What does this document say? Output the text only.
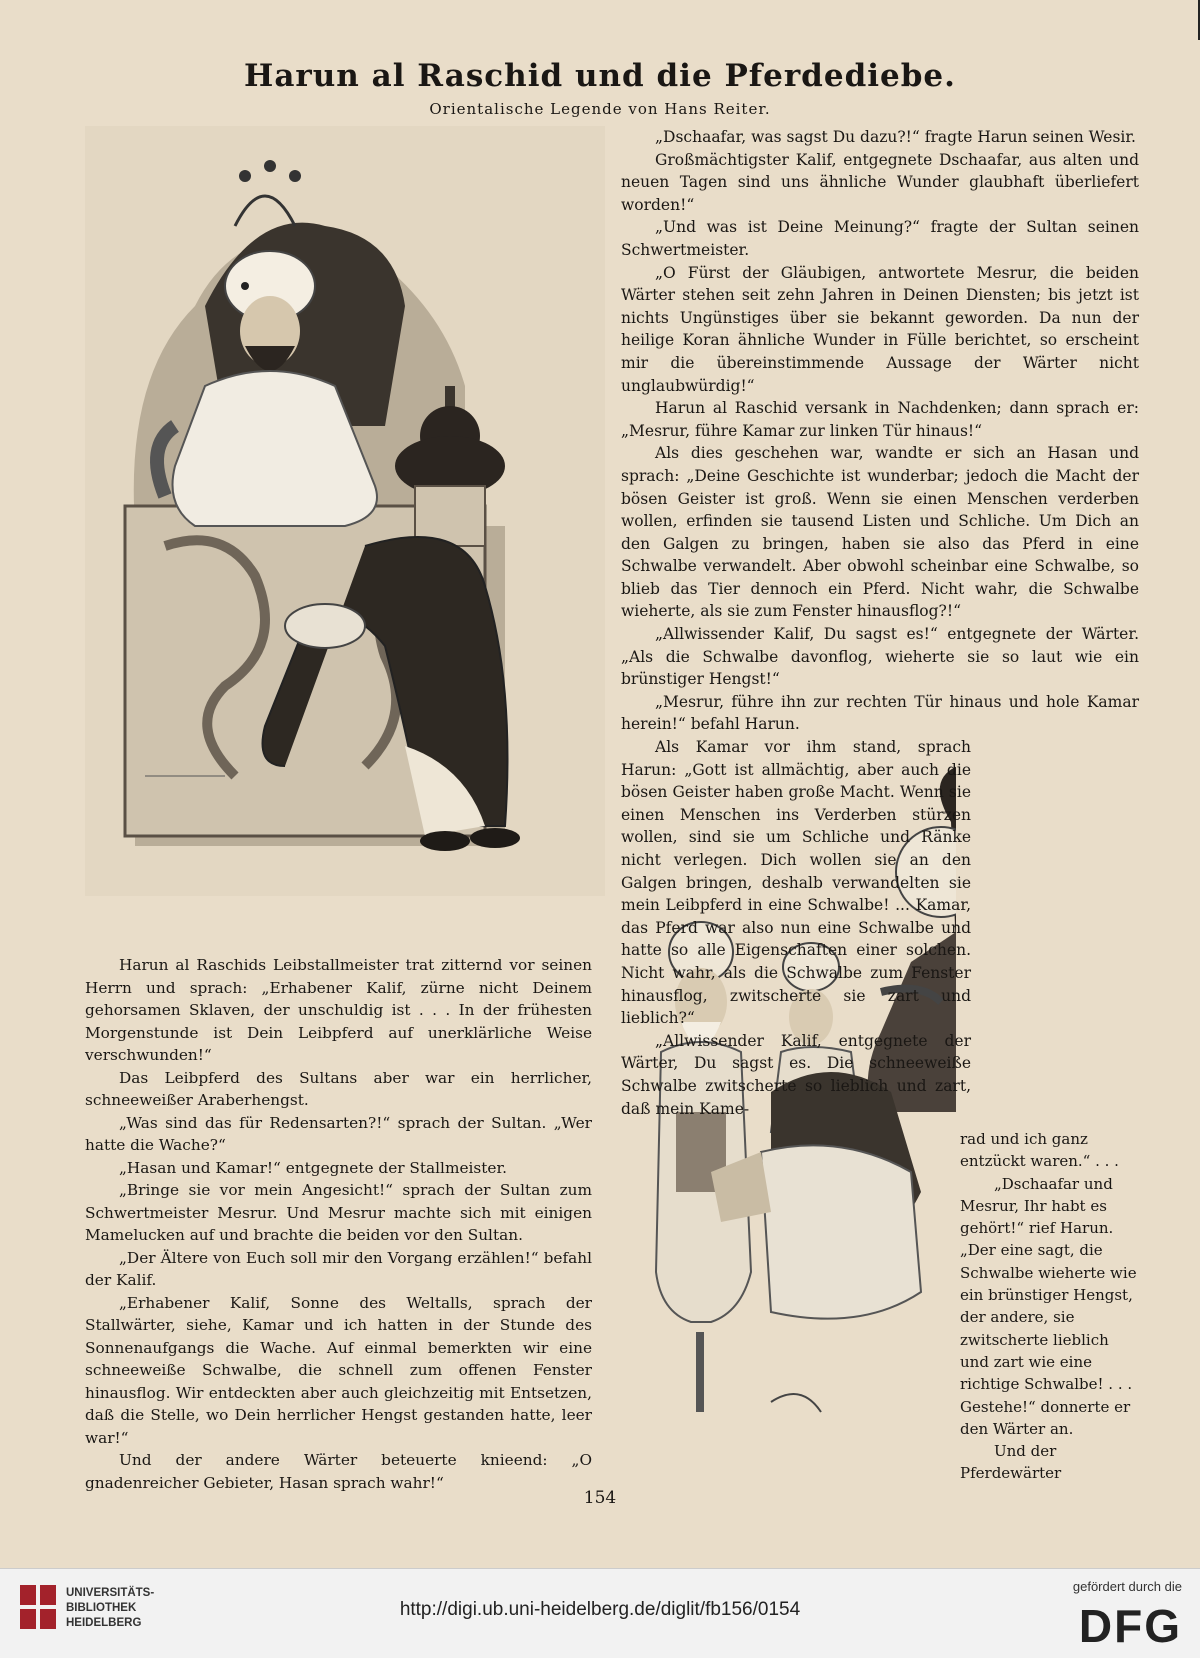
Harun al Raschid und die Pferdediebe.
Orientalische Legende von Hans Reiter.

„Dschaafar, was sagst Du dazu?!“ fragte Harun seinen Wesir.

Großmächtigster Kalif, entgegnete Dschaafar, aus alten und neuen Tagen sind uns ähnliche Wunder glaubhaft überliefert worden!“

„Und was ist Deine Meinung?“ fragte der Sultan seinen Schwertmeister.

„O Fürst der Gläubigen, antwortete Mesrur, die beiden Wärter stehen seit zehn Jahren in Deinen Diensten; bis jetzt ist nichts Ungünstiges über sie bekannt geworden. Da nun der heilige Koran ähnliche Wunder in Fülle berichtet, so erscheint mir die übereinstimmende Aussage der Wärter nicht unglaubwürdig!“

Harun al Raschid versank in Nachdenken; dann sprach er: „Mesrur, führe Kamar zur linken Tür hinaus!“

Als dies geschehen war, wandte er sich an Hasan und sprach: „Deine Geschichte ist wunderbar; jedoch die Macht der bösen Geister ist groß. Wenn sie einen Menschen verderben wollen, erfinden sie tausend Listen und Schliche. Um Dich an den Galgen zu bringen, haben sie also das Pferd in eine Schwalbe verwandelt. Aber obwohl scheinbar eine Schwalbe, so blieb das Tier dennoch ein Pferd. Nicht wahr, die Schwalbe wieherte, als sie zum Fenster hinausflog?!“

„Allwissender Kalif, Du sagst es!“ entgegnete der Wärter. „Als die Schwalbe davonflog, wieherte sie so laut wie ein brünstiger Hengst!“

„Mesrur, führe ihn zur rechten Tür hinaus und hole Kamar herein!“ befahl Harun.

Als Kamar vor ihm stand, sprach Harun: „Gott ist allmächtig, aber auch die bösen Geister haben große Macht. Wenn sie einen Menschen ins Verderben stürzen wollen, sind sie um Schliche und Ränke nicht verlegen. Dich wollen sie an den Galgen bringen, deshalb verwandelten sie mein Leibpferd in eine Schwalbe! ... Kamar, das Pferd war also nun eine Schwalbe und hatte so alle Eigenschaften einer solchen. Nicht wahr, als die Schwalbe zum Fenster hinausflog, zwitscherte sie zart und lieblich?“

„Allwissender Kalif, entgegnete der Wärter, Du sagst es. Die schneeweiße Schwalbe zwitscherte so lieblich und zart, daß mein Kame-

rad und ich ganz entzückt waren.“ . . .

„Dschaafar und Mesrur, Ihr habt es gehört!“ rief Harun. „Der eine sagt, die Schwalbe wieherte wie ein brünstiger Hengst, der andere, sie zwitscherte lieblich und zart wie eine richtige Schwalbe! . . . Gestehe!“ donnerte er den Wärter an.

Und der Pferdewärter

Harun al Raschids Leibstallmeister trat zitternd vor seinen Herrn und sprach: „Erhabener Kalif, zürne nicht Deinem gehorsamen Sklaven, der unschuldig ist . . . In der frühesten Morgenstunde ist Dein Leibpferd auf unerklärliche Weise verschwunden!“

Das Leibpferd des Sultans aber war ein herrlicher, schneeweißer Araberhengst.

„Was sind das für Redensarten?!“ sprach der Sultan. „Wer hatte die Wache?“

„Hasan und Kamar!“ entgegnete der Stallmeister.

„Bringe sie vor mein Angesicht!“ sprach der Sultan zum Schwertmeister Mesrur. Und Mesrur machte sich mit einigen Mamelucken auf und brachte die beiden vor den Sultan.

„Der Ältere von Euch soll mir den Vorgang erzählen!“ befahl der Kalif.

„Erhabener Kalif, Sonne des Weltalls, sprach der Stallwärter, siehe, Kamar und ich hatten in der Stunde des Sonnenaufgangs die Wache. Auf einmal bemerkten wir eine schneeweiße Schwalbe, die schnell zum offenen Fenster hinausflog. Wir entdeckten aber auch gleichzeitig mit Entsetzen, daß die Stelle, wo Dein herrlicher Hengst gestanden hatte, leer war!“

Und der andere Wärter beteuerte knieend: „O gnadenreicher Gebieter, Hasan sprach wahr!“

154
UNIVERSITÄTS-
BIBLIOTHEK
HEIDELBERG
http://digi.ub.uni-heidelberg.de/diglit/fb156/0154
gefördert durch die
DFG
